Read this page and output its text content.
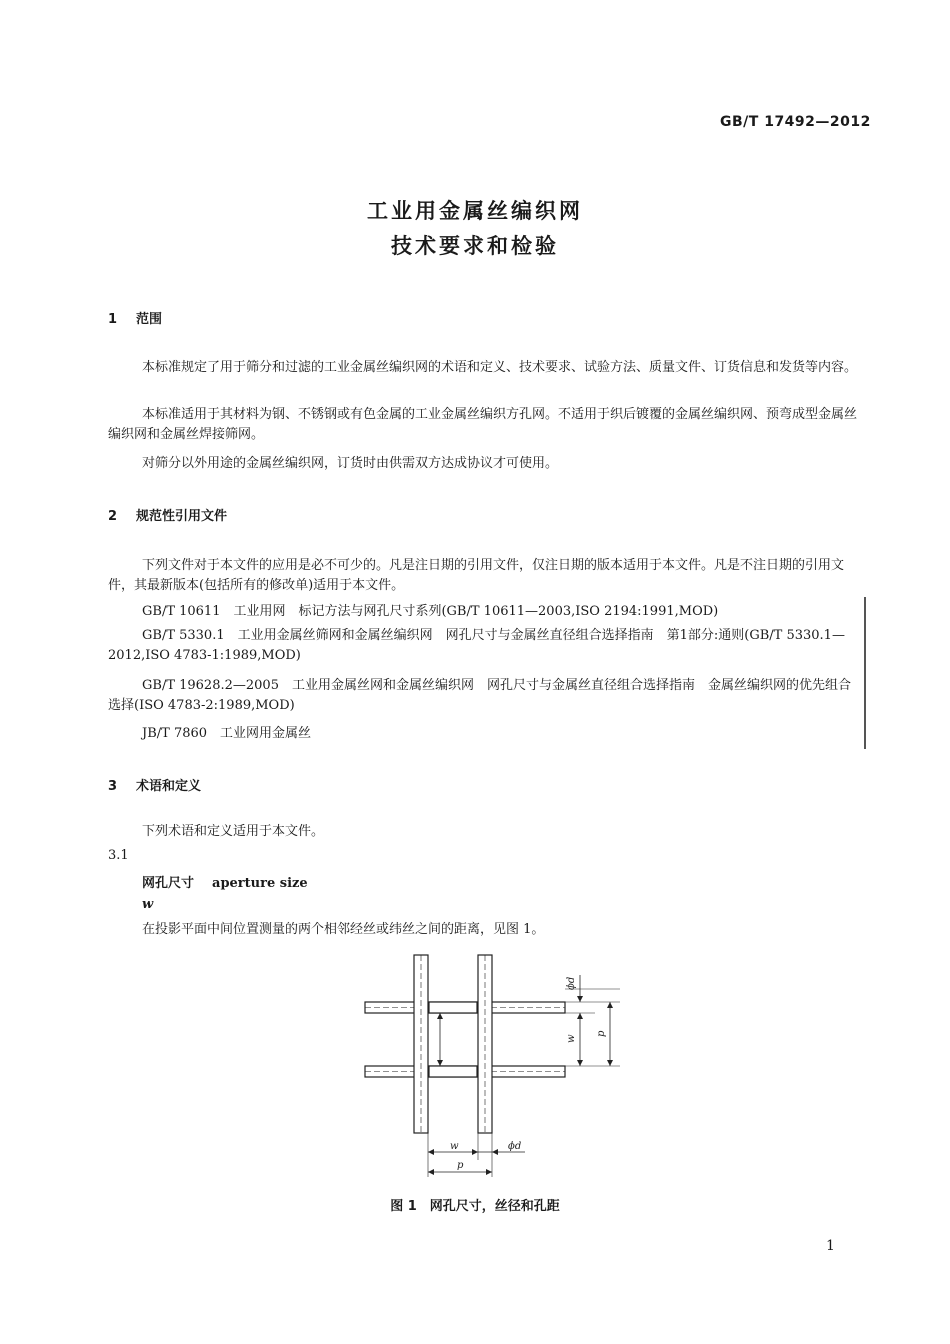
GB/T 17492—2012
工业用金属丝编织网
技术要求和检验
1 范围
本标准规定了用于筛分和过滤的工业金属丝编织网的术语和定义、技术要求、试验方法、质量文件、订货信息和发货等内容。
本标准适用于其材料为钢、不锈钢或有色金属的工业金属丝编织方孔网。不适用于织后镀覆的金属丝编织网、预弯成型金属丝编织网和金属丝焊接筛网。
对筛分以外用途的金属丝编织网，订货时由供需双方达成协议才可使用。
2 规范性引用文件
下列文件对于本文件的应用是必不可少的。凡是注日期的引用文件，仅注日期的版本适用于本文件。凡是不注日期的引用文件，其最新版本(包括所有的修改单)适用于本文件。
GB/T 10611　工业用网　标记方法与网孔尺寸系列(GB/T 10611—2003,ISO 2194:1991,MOD)
GB/T 5330.1　工业用金属丝筛网和金属丝编织网　网孔尺寸与金属丝直径组合选择指南　第1部分:通则(GB/T 5330.1—2012,ISO 4783-1:1989,MOD)
GB/T 19628.2—2005　工业用金属丝网和金属丝编织网　网孔尺寸与金属丝直径组合选择指南　金属丝编织网的优先组合选择(ISO 4783-2:1989,MOD)
JB/T 7860　工业网用金属丝
3 术语和定义
下列术语和定义适用于本文件。
3.1
网孔尺寸 aperture size
w
在投影平面中间位置测量的两个相邻经丝或纬丝之间的距离，见图 1。
w
p
ϕd
w
p
ϕd
图 1　网孔尺寸，丝径和孔距
1
